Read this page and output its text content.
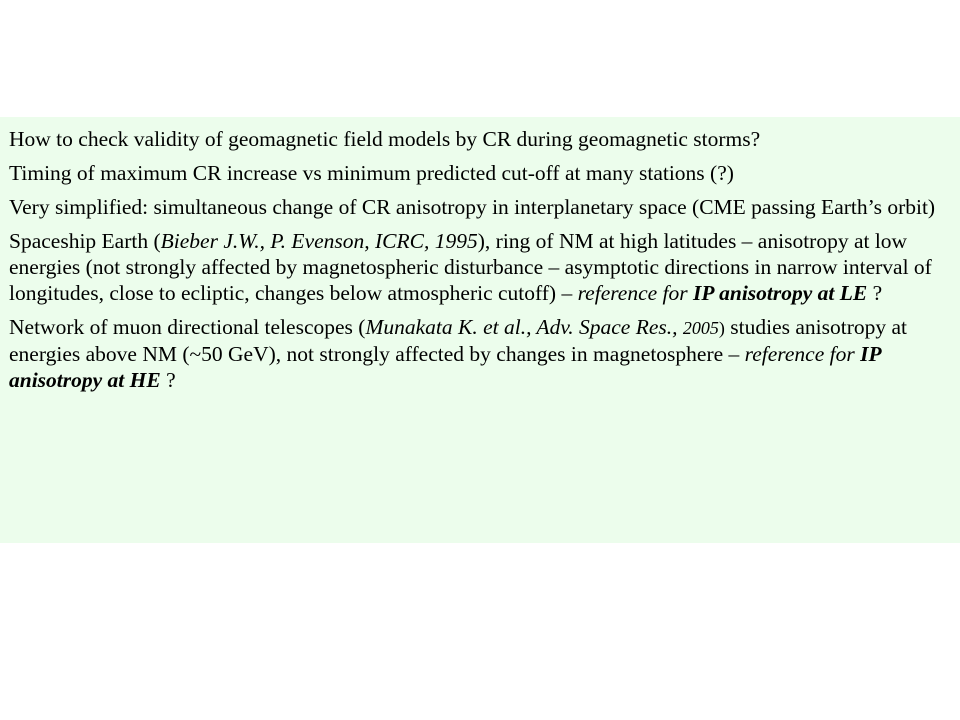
How to check validity of geomagnetic field models by CR during geomagnetic storms?

Timing of maximum CR increase vs minimum predicted cut-off at many stations (?)

Very simplified: simultaneous change of CR anisotropy in interplanetary space (CME passing Earth’s orbit)

Spaceship Earth (Bieber J.W., P. Evenson, ICRC, 1995), ring of NM at high latitudes – anisotropy at low energies (not strongly affected by magnetospheric disturbance – asymptotic directions in narrow interval of longitudes, close to ecliptic, changes below atmospheric cutoff) – reference for IP anisotropy at LE ?

Network of muon directional telescopes (Munakata K. et al., Adv. Space Res., 2005) studies anisotropy at energies above NM (~50 GeV), not strongly affected by changes in magnetosphere – reference for IP anisotropy at HE ?
